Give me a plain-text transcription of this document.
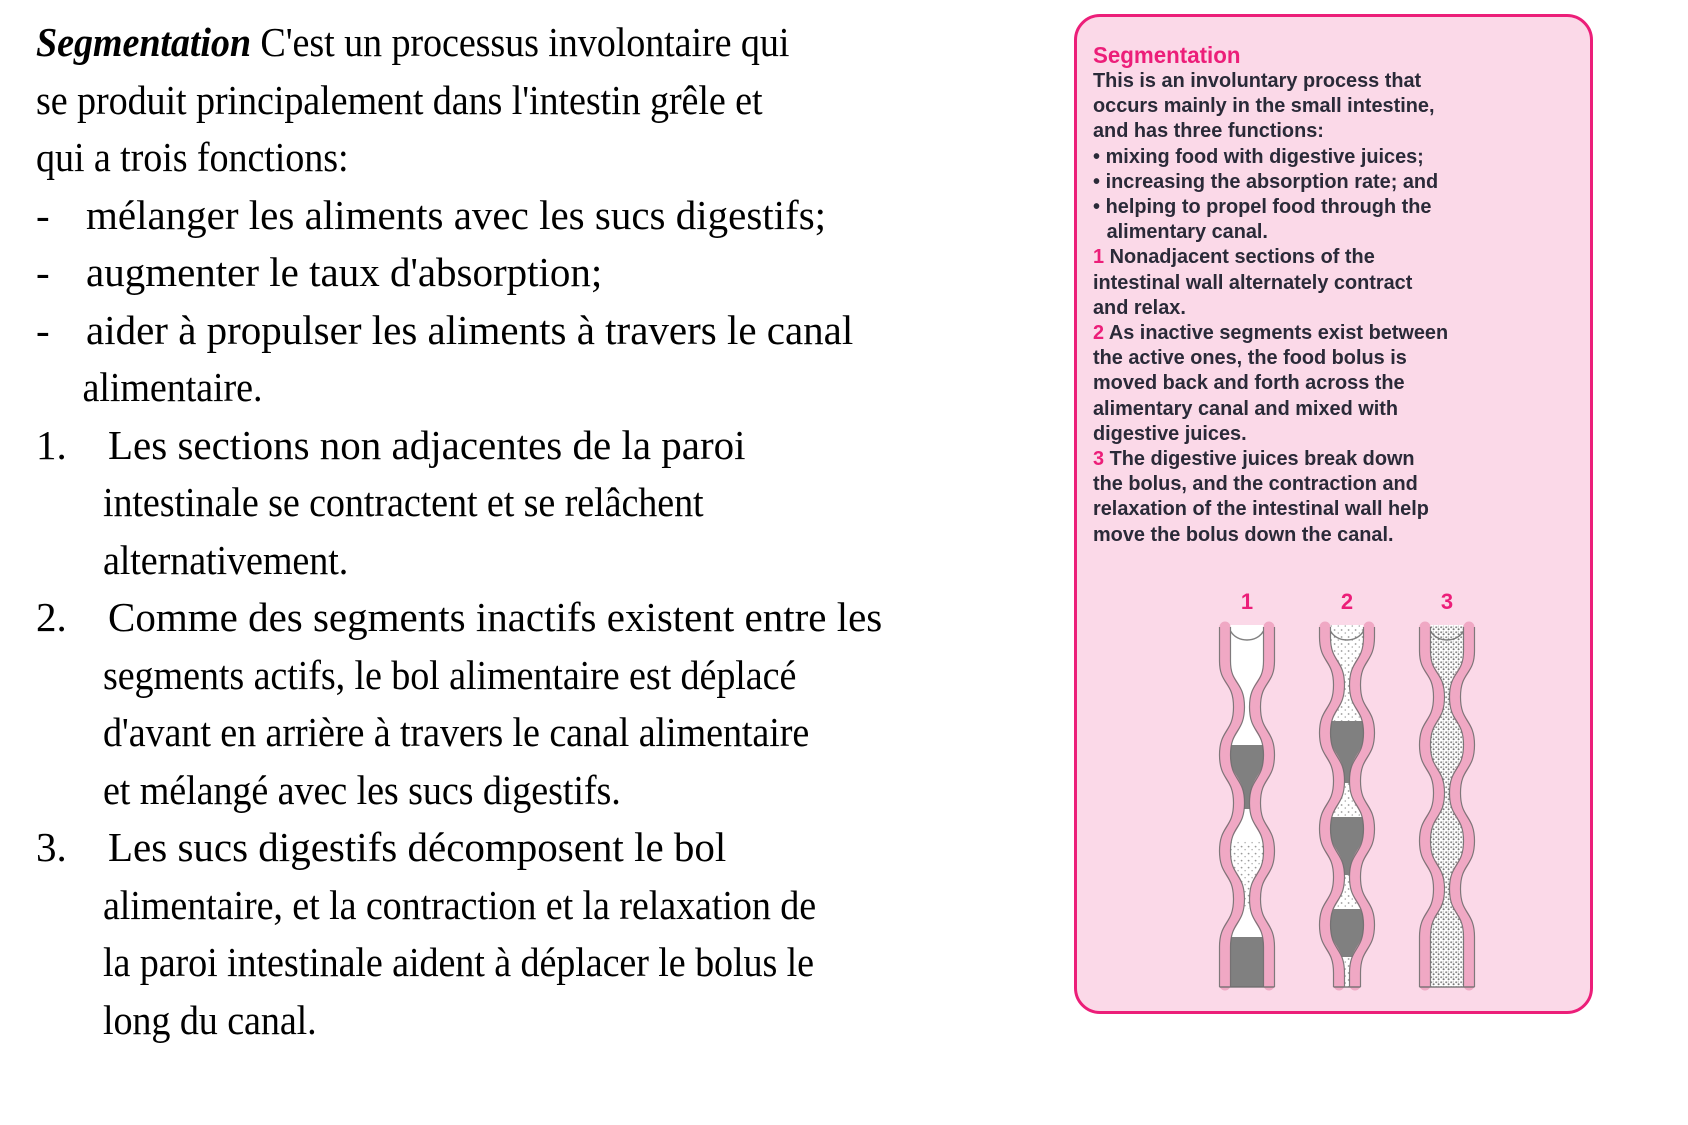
Segmentation C'est un processus involontaire qui
se produit principalement dans l'intestin grêle et
qui a trois fonctions:
- mélanger les aliments avec les sucs digestifs;
- augmenter le taux d'absorption;
- aider à propulser les aliments à travers le canal
alimentaire.
1.	Les sections non adjacentes de la paroi
intestinale se contractent et se relâchent
alternativement.
2.	Comme des segments inactifs existent entre les
segments actifs, le bol alimentaire est déplacé
d'avant en arrière à travers le canal alimentaire
et mélangé avec les sucs digestifs.
3.	Les sucs digestifs décomposent le bol
alimentaire, et la contraction et la relaxation de
la paroi intestinale aident à déplacer le bolus le
long du canal.
Segmentation
This is an involuntary process that
occurs mainly in the small intestine,
and has three functions:
• mixing food with digestive juices;
• increasing the absorption rate; and
• helping to propel food through the
alimentary canal.
1 Nonadjacent sections of the
intestinal wall alternately contract
and relax.
2 As inactive segments exist between
the active ones, the food bolus is
moved back and forth across the
alimentary canal and mixed with
digestive juices.
3 The digestive juices break down
the bolus, and the contraction and
relaxation of the intestinal wall help
move the bolus down the canal.
1	2	3
